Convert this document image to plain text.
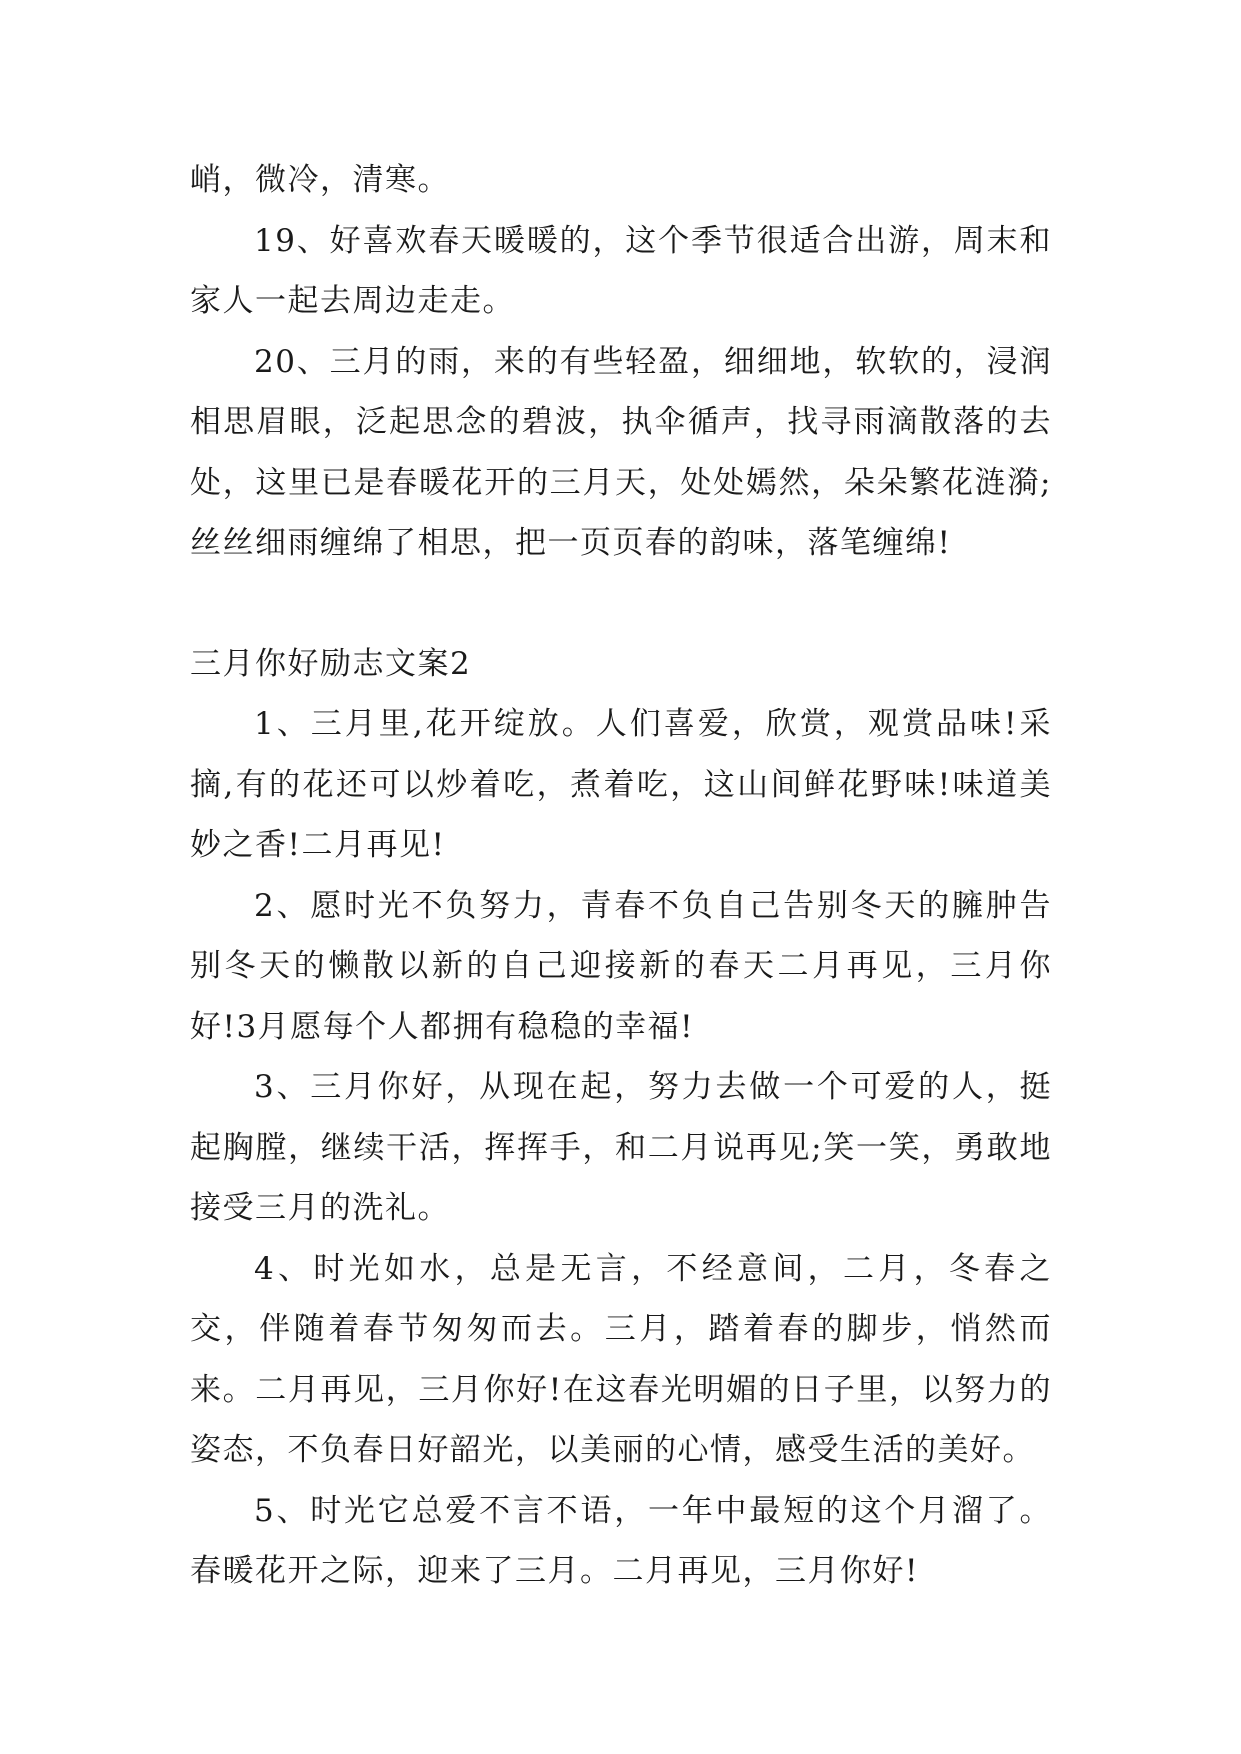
峭，微冷，清寒。

19、好喜欢春天暖暖的，这个季节很适合出游，周末和家人一起去周边走走。

20、三月的雨，来的有些轻盈，细细地，软软的，浸润相思眉眼，泛起思念的碧波，执伞循声，找寻雨滴散落的去处，这里已是春暖花开的三月天，处处嫣然，朵朵繁花涟漪;丝丝细雨缠绵了相思，把一页页春的韵味，落笔缠绵!

三月你好励志文案2

1、三月里,花开绽放。人们喜爱，欣赏，观赏品味!采摘,有的花还可以炒着吃，煮着吃，这山间鲜花野味!味道美妙之香!二月再见!

2、愿时光不负努力，青春不负自己告别冬天的臃肿告别冬天的懒散以新的自己迎接新的春天二月再见，三月你好!3月愿每个人都拥有稳稳的幸福!

3、三月你好，从现在起，努力去做一个可爱的人，挺起胸膛，继续干活，挥挥手，和二月说再见;笑一笑，勇敢地接受三月的洗礼。

4、时光如水，总是无言，不经意间，二月，冬春之交，伴随着春节匆匆而去。三月，踏着春的脚步，悄然而来。二月再见，三月你好!在这春光明媚的日子里，以努力的姿态，不负春日好韶光，以美丽的心情，感受生活的美好。

5、时光它总爱不言不语，一年中最短的这个月溜了。春暖花开之际，迎来了三月。二月再见，三月你好!
